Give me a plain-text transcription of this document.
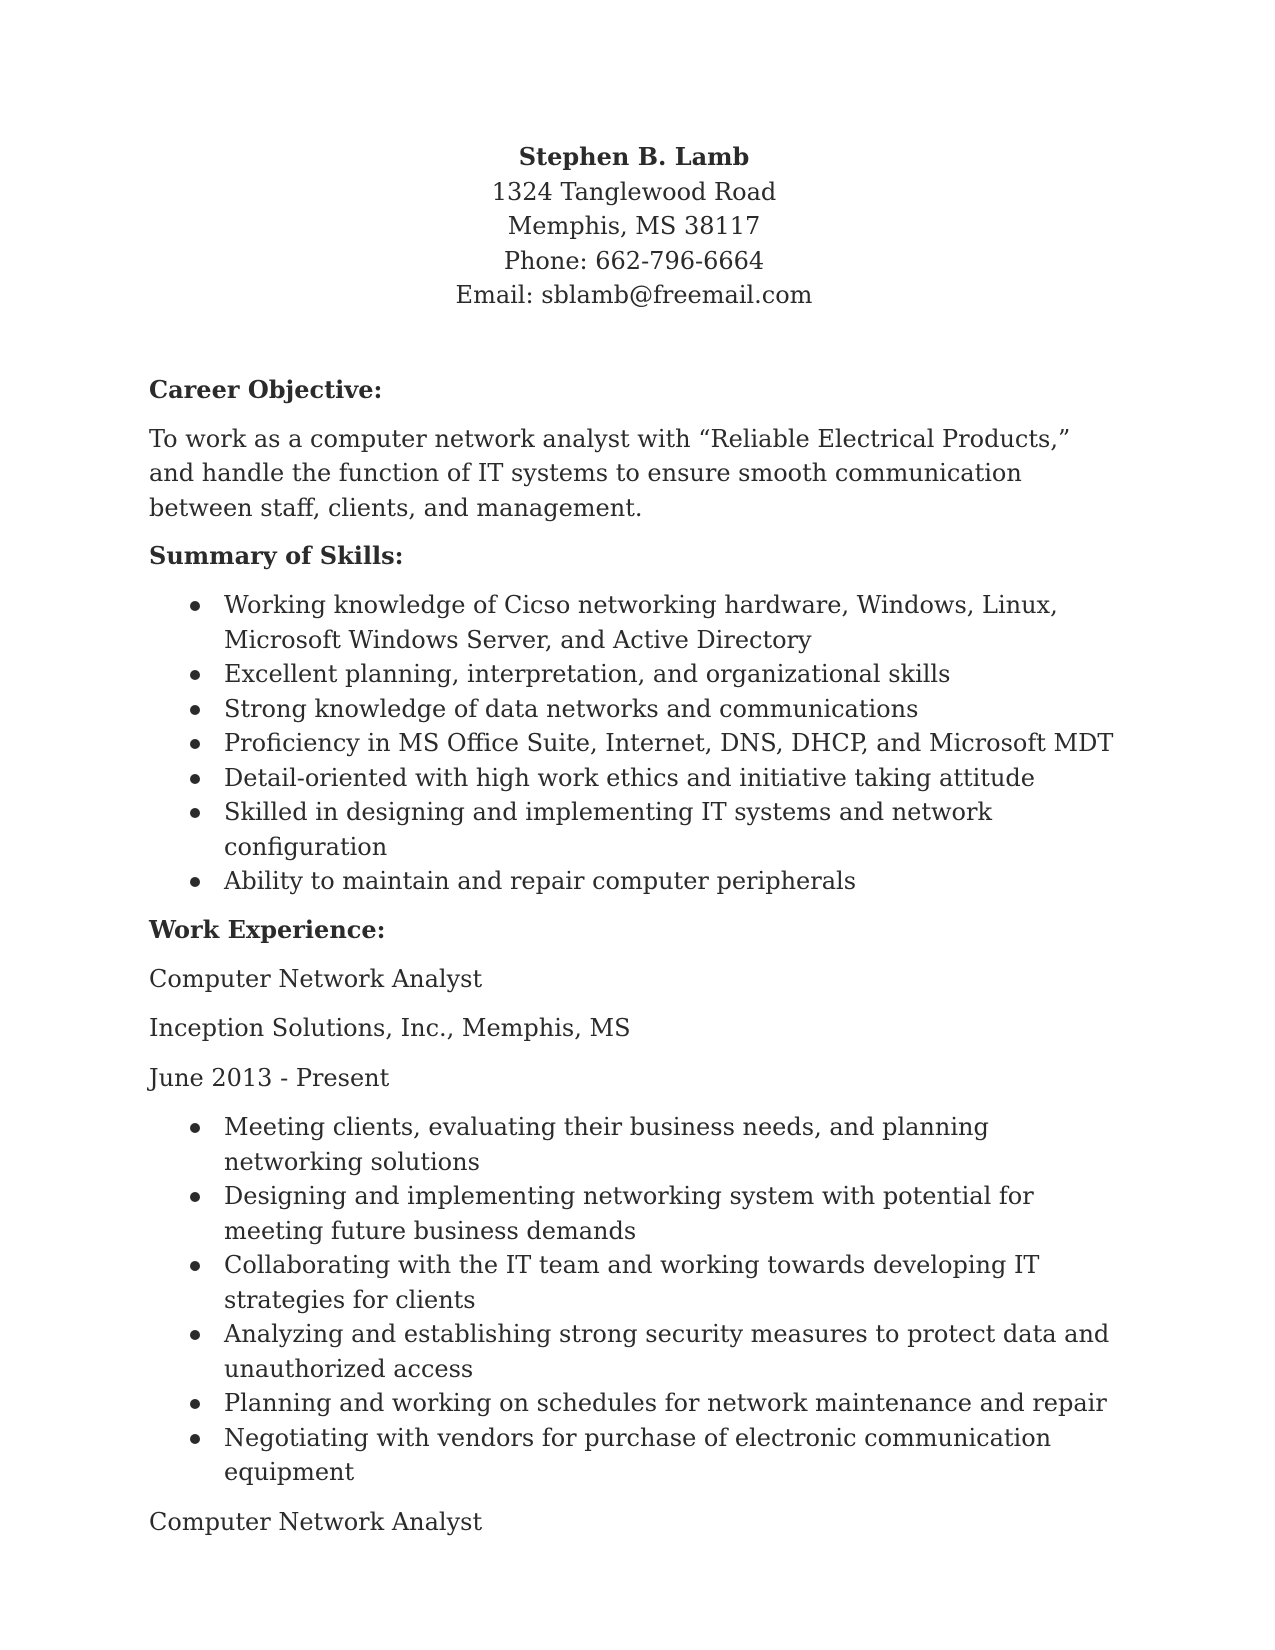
Stephen B. Lamb
1324 Tanglewood Road
Memphis, MS 38117
Phone: 662-796-6664
Email: sblamb@freemail.com
Career Objective:

To work as a computer network analyst with “Reliable Electrical Products,” and handle the function of IT systems to ensure smooth communication between staff, clients, and management.

Summary of Skills:
Working knowledge of Cicso networking hardware, Windows, Linux, Microsoft Windows Server, and Active Directory
Excellent planning, interpretation, and organizational skills
Strong knowledge of data networks and communications
Proficiency in MS Office Suite, Internet, DNS, DHCP, and Microsoft MDT
Detail-oriented with high work ethics and initiative taking attitude
Skilled in designing and implementing IT systems and network configuration
Ability to maintain and repair computer peripherals
Work Experience:

Computer Network Analyst

Inception Solutions, Inc., Memphis, MS

June 2013 - Present

Meeting clients, evaluating their business needs, and planning networking solutions
Designing and implementing networking system with potential for meeting future business demands
Collaborating with the IT team and working towards developing IT strategies for clients
Analyzing and establishing strong security measures to protect data and unauthorized access
Planning and working on schedules for network maintenance and repair
Negotiating with vendors for purchase of electronic communication equipment

Computer Network Analyst
